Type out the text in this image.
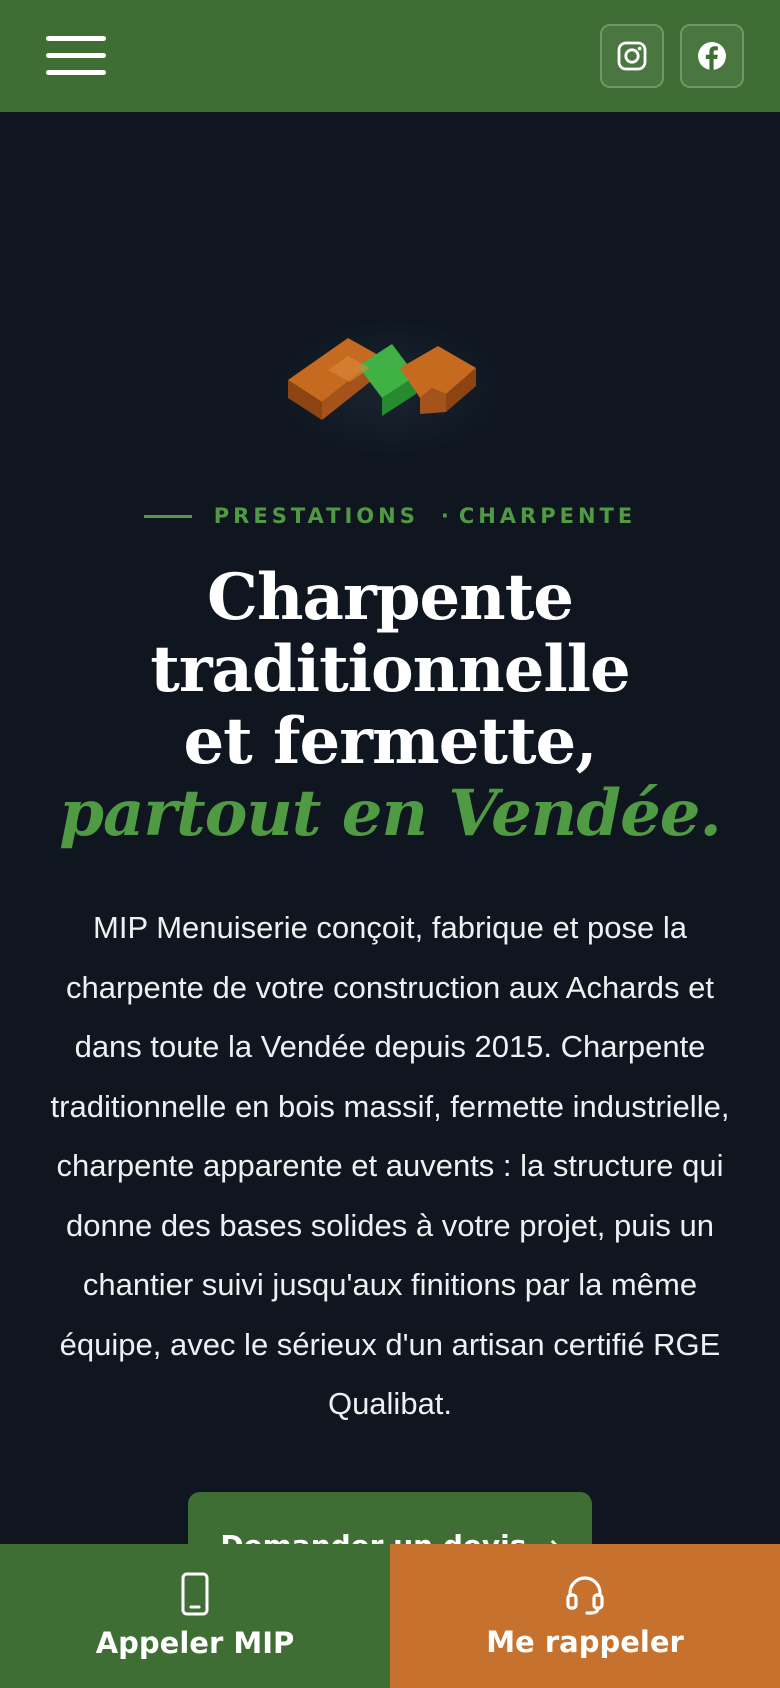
PRESTATIONS · CHARPENTE
Charpente
traditionnelle
et fermette,
partout en Vendée.

MIP Menuiserie conçoit, fabrique et pose la charpente de votre construction aux Achards et dans toute la Vendée depuis 2015. Charpente traditionnelle en bois massif, fermette industrielle, charpente apparente et auvents : la structure qui donne des bases solides à votre projet, puis un chantier suivi jusqu'aux finitions par la même équipe, avec le sérieux d'un artisan certifié RGE Qualibat.

Appeler MIP	Me rappeler
